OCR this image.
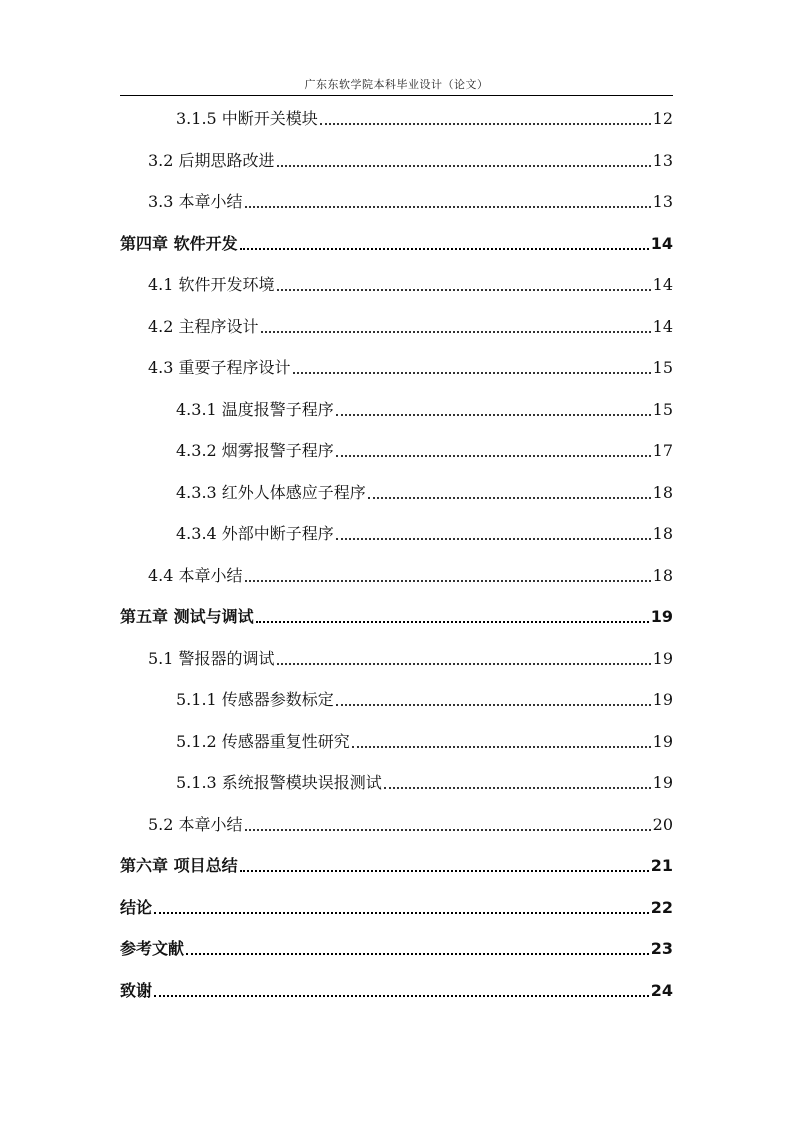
广东东软学院本科毕业设计（论文）
3.1.5 中断开关模块	12
3.2 后期思路改进	13
3.3 本章小结	13
第四章 软件开发	14
4.1 软件开发环境	14
4.2 主程序设计	14
4.3 重要子程序设计	15
4.3.1 温度报警子程序	15
4.3.2 烟雾报警子程序	17
4.3.3 红外人体感应子程序	18
4.3.4 外部中断子程序	18
4.4 本章小结	18
第五章 测试与调试	19
5.1 警报器的调试	19
5.1.1 传感器参数标定	19
5.1.2 传感器重复性研究	19
5.1.3 系统报警模块误报测试	19
5.2 本章小结	20
第六章 项目总结	21
结论	22
参考文献	23
致谢	24
